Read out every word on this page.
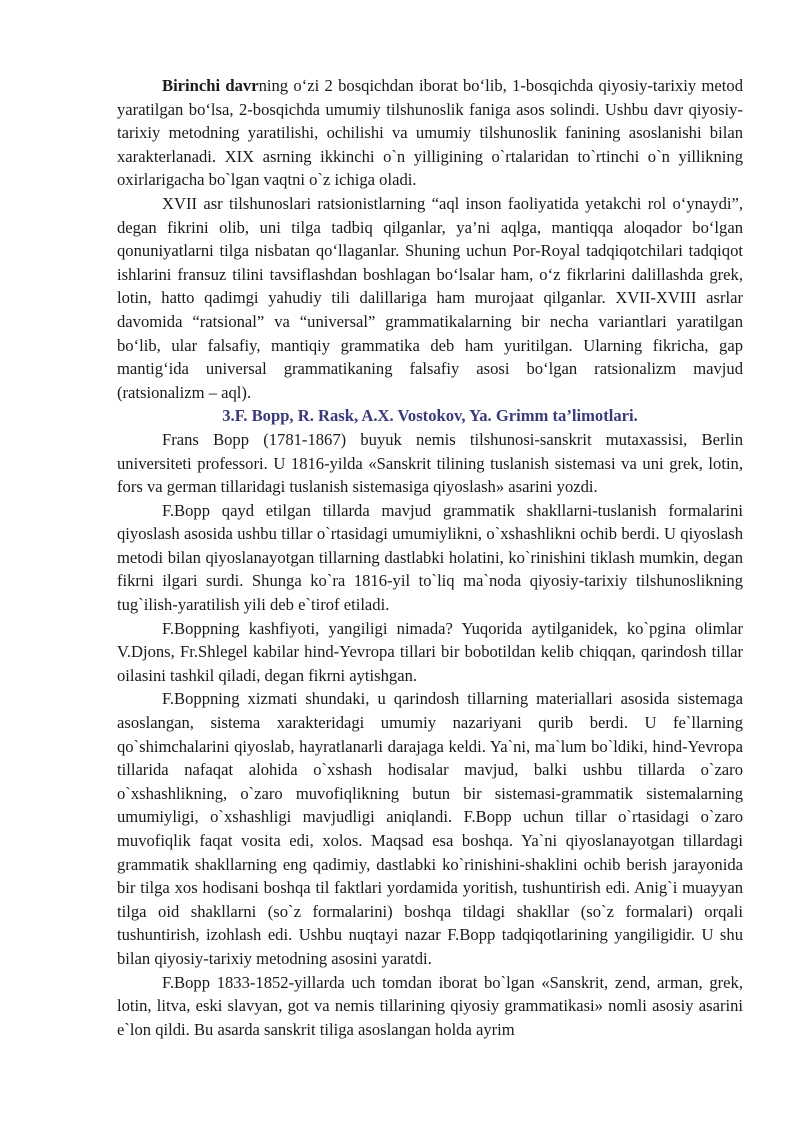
Birinchi davrning o‘zi 2 bosqichdan iborat bo‘lib, 1-bosqichda qiyosiy-tarixiy metod yaratilgan bo‘lsa, 2-bosqichda umumiy tilshunoslik faniga asos solindi. Ushbu davr qiyosiy-tarixiy metodning yaratilishi, ochilishi va umumiy tilshunoslik fanining asoslanishi bilan xarakterlanadi. XIX asrning ikkinchi o`n yilligining o`rtalaridan to`rtinchi o`n yillikning oxirlarigacha bo`lgan vaqtni o`z ichiga oladi.

XVII asr tilshunoslari ratsionistlarning “aql inson faoliyatida yetakchi rol o‘ynaydi”, degan fikrini olib, uni tilga tadbiq qilganlar, ya’ni aqlga, mantiqqa aloqador bo‘lgan qonuniyatlarni tilga nisbatan qo‘llaganlar. Shuning uchun Por-Royal tadqiqotchilari tadqiqot ishlarini fransuz tilini tavsiflashdan boshlagan bo‘lsalar ham, o‘z fikrlarini dalillashda grek, lotin, hatto qadimgi yahudiy tili dalillariga ham murojaat qilganlar. XVII-XVIII asrlar davomida “ratsional” va “universal” grammatikalarning bir necha variantlari yaratilgan bo‘lib, ular falsafiy, mantiqiy grammatika deb ham yuritilgan. Ularning fikricha, gap mantig‘ida universal grammatikaning falsafiy asosi bo‘lgan ratsionalizm mavjud (ratsionalizm – aql).

3.F. Bopp, R. Rask, A.X. Vostokov, Ya. Grimm ta’limotlari.

Frans Bopp (1781-1867) buyuk nemis tilshunosi-sanskrit mutaxassisi, Berlin universiteti professori. U 1816-yilda «Sanskrit tilining tuslanish sistemasi va uni grek, lotin, fors va german tillaridagi tuslanish sistemasiga qiyoslash» asarini yozdi.

F.Bopp qayd etilgan tillarda mavjud grammatik shakllarni-tuslanish formalarini qiyoslash asosida ushbu tillar o`rtasidagi umumiylikni, o`xshashlikni ochib berdi. U qiyoslash metodi bilan qiyoslanayotgan tillarning dastlabki holatini, ko`rinishini tiklash mumkin, degan fikrni ilgari surdi. Shunga ko`ra 1816-yil to`liq ma`noda qiyosiy-tarixiy tilshunoslikning tug`ilish-yaratilish yili deb e`tirof etiladi.

F.Boppning kashfiyoti, yangiligi nimada? Yuqorida aytilganidek, ko`pgina olimlar V.Djons, Fr.Shlegel kabilar hind-Yevropa tillari bir bobotildan kelib chiqqan, qarindosh tillar oilasini tashkil qiladi, degan fikrni aytishgan.

F.Boppning xizmati shundaki, u qarindosh tillarning materiallari asosida sistemaga asoslangan, sistema xarakteridagi umumiy nazariyani qurib berdi. U fe`llarning qo`shimchalarini qiyoslab, hayratlanarli darajaga keldi. Ya`ni, ma`lum bo`ldiki, hind-Yevropa tillarida nafaqat alohida o`xshash hodisalar mavjud, balki ushbu tillarda o`zaro o`xshashlikning, o`zaro muvofiqlikning butun bir sistemasi-grammatik sistemalarning umumiyligi, o`xshashligi mavjudligi aniqlandi. F.Bopp uchun tillar o`rtasidagi o`zaro muvofiqlik faqat vosita edi, xolos. Maqsad esa boshqa. Ya`ni qiyoslanayotgan tillardagi grammatik shakllarning eng qadimiy, dastlabki ko`rinishini-shaklini ochib berish jarayonida bir tilga xos hodisani boshqa til faktlari yordamida yoritish, tushuntirish edi. Anig`i muayyan tilga oid shakllarni (so`z formalarini) boshqa tildagi shakllar (so`z formalari) orqali tushuntirish, izohlash edi. Ushbu nuqtayi nazar F.Bopp tadqiqotlarining yangiligidir. U shu bilan qiyosiy-tarixiy metodning asosini yaratdi.

F.Bopp 1833-1852-yillarda uch tomdan iborat bo`lgan «Sanskrit, zend, arman, grek, lotin, litva, eski slavyan, got va nemis tillarining qiyosiy grammatikasi» nomli asosiy asarini e`lon qildi. Bu asarda sanskrit tiliga asoslangan holda ayrim
